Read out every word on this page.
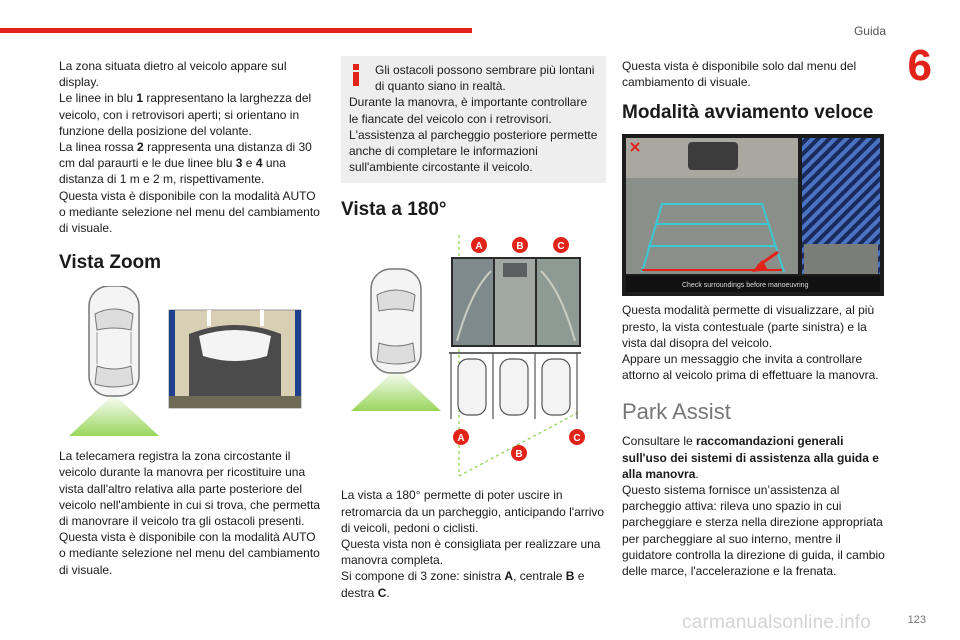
Guida
6

La zona situata dietro al veicolo appare sul display.

Le linee in blu 1 rappresentano la larghezza del veicolo, con i retrovisori aperti; si orientano in funzione della posizione del volante.

La linea rossa 2 rappresenta una distanza di 30 cm dal paraurti e le due linee blu 3 e 4 una distanza di 1 m e 2 m, rispettivamente.

Questa vista è disponibile con la modalità AUTO o mediante selezione nel menu del cambiamento di visuale.

Vista Zoom

La telecamera registra la zona circostante il veicolo durante la manovra per ricostituire una vista dall'altro relativa alla parte posteriore del veicolo nell'ambiente in cui si trova, che permetta di manovrare il veicolo tra gli ostacoli presenti.

Questa vista è disponibile con la modalità AUTO o mediante selezione nel menu del cambiamento di visuale.

Gli ostacoli possono sembrare più lontani di quanto siano in realtà.

Durante la manovra, è importante controllare le fiancate del veicolo con i retrovisori.

L'assistenza al parcheggio posteriore permette anche di completare le informazioni sull'ambiente circostante il veicolo.

Vista a 180°
A	B	C
A
B
C

La vista a 180° permette di poter uscire in retromarcia da un parcheggio, anticipando l'arrivo di veicoli, pedoni o ciclisti.

Questa vista non è consigliata per realizzare una manovra completa.

Si compone di 3 zone: sinistra A, centrale B e destra C.

Questa vista è disponibile solo dal menu del cambiamento di visuale.

Modalità avviamento veloce
Check surroundings before manoeuvring

Questa modalità permette di visualizzare, al più presto, la vista contestuale (parte sinistra) e la vista dal disopra del veicolo.

Appare un messaggio che invita a controllare attorno al veicolo prima di effettuare la manovra.

Park Assist

Consultare le raccomandazioni generali sull'uso dei sistemi di assistenza alla guida e alla manovra.

Questo sistema fornisce un’assistenza al parcheggio attiva: rileva uno spazio in cui parcheggiare e sterza nella direzione appropriata per parcheggiare al suo interno, mentre il guidatore controlla la direzione di guida, il cambio delle marce, l'accelerazione e la frenata.

carmanualsonline.info	123
